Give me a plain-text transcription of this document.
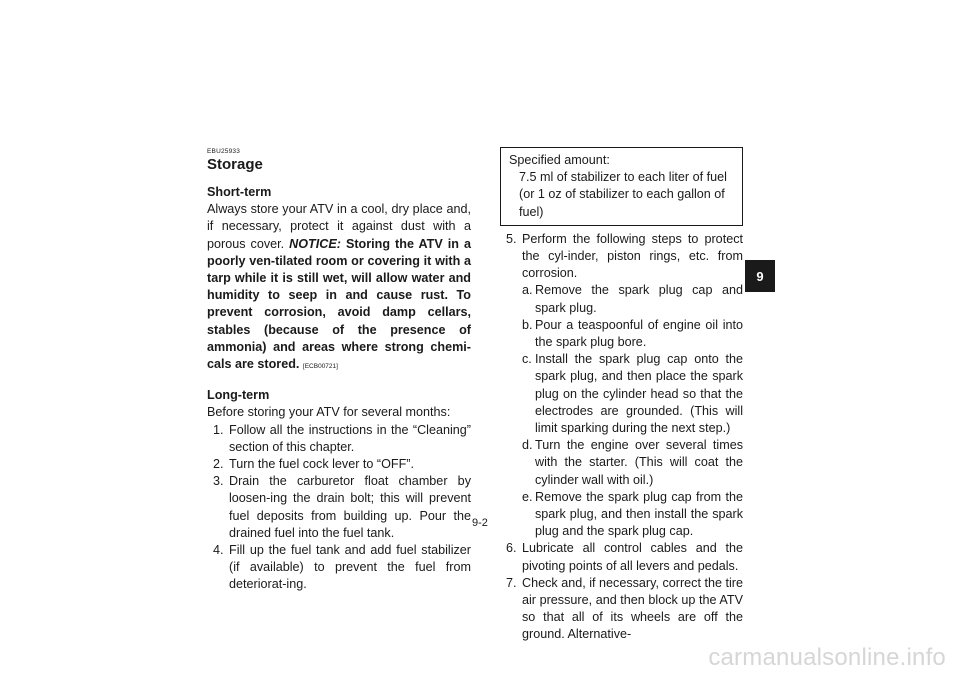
EBU25933
Storage
Short-term
Always store your ATV in a cool, dry place and, if necessary, protect it against dust with a porous cover. NOTICE: Storing the ATV in a poorly ven-tilated room or covering it with a tarp while it is still wet, will allow water and humidity to seep in and cause rust. To prevent corrosion, avoid damp cellars, stables (because of the presence of ammonia) and areas where strong chemi-cals are stored. [ECB00721]
Long-term
Before storing your ATV for several months:
1. Follow all the instructions in the “Cleaning” section of this chapter.
2. Turn the fuel cock lever to “OFF”.
3. Drain the carburetor float chamber by loosen-ing the drain bolt; this will prevent fuel deposits from building up. Pour the drained fuel into the fuel tank.
4. Fill up the fuel tank and add fuel stabilizer (if available) to prevent the fuel from deteriorat-ing.
Specified amount:
7.5 ml of stabilizer to each liter of fuel (or 1 oz of stabilizer to each gallon of fuel)
5. Perform the following steps to protect the cyl-inder, piston rings, etc. from corrosion.
a. Remove the spark plug cap and spark plug.
b. Pour a teaspoonful of engine oil into the spark plug bore.
c. Install the spark plug cap onto the spark plug, and then place the spark plug on the cylinder head so that the electrodes are grounded. (This will limit sparking during the next step.)
d. Turn the engine over several times with the starter. (This will coat the cylinder wall with oil.)
e. Remove the spark plug cap from the spark plug, and then install the spark plug and the spark plug cap.
6. Lubricate all control cables and the pivoting points of all levers and pedals.
7. Check and, if necessary, correct the tire air pressure, and then block up the ATV so that all of its wheels are off the ground. Alternative-
9-2
9
carmanualsonline.info
